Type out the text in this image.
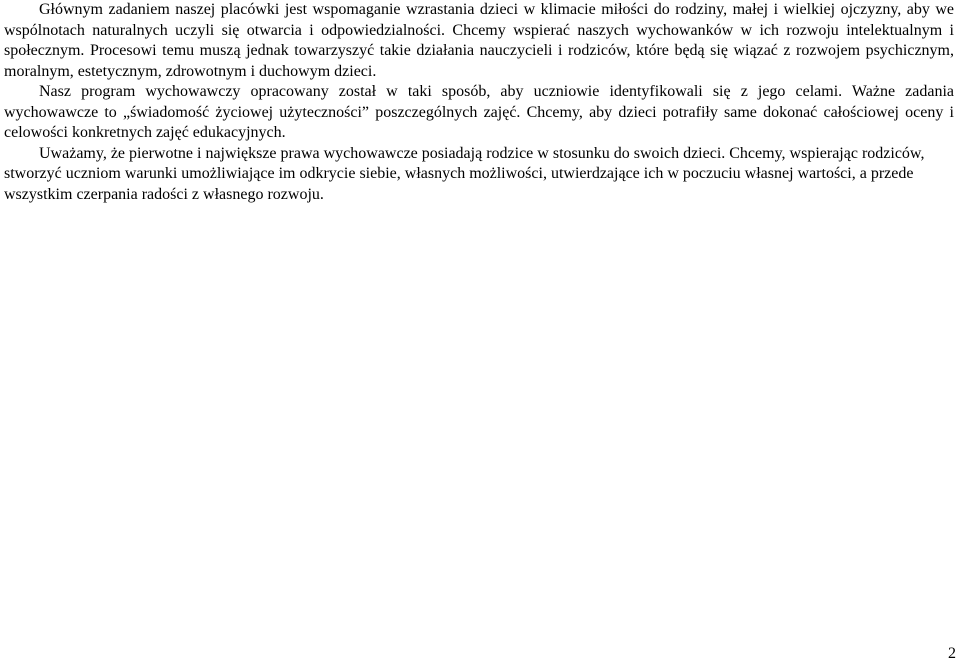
Głównym zadaniem naszej placówki jest wspomaganie wzrastania dzieci w klimacie miłości do rodziny, małej i wielkiej ojczyzny, aby we wspólnotach naturalnych uczyli się otwarcia i odpowiedzialności. Chcemy wspierać naszych wychowanków w ich rozwoju intelektualnym i społecznym. Procesowi temu muszą jednak towarzyszyć takie działania nauczycieli i rodziców, które będą się wiązać z rozwojem psychicznym, moralnym, estetycznym, zdrowotnym i duchowym dzieci.

Nasz program wychowawczy opracowany został w taki sposób, aby uczniowie identyfikowali się z jego celami. Ważne zadania wychowawcze to „świadomość życiowej użyteczności” poszczególnych zajęć. Chcemy, aby dzieci potrafiły same dokonać całościowej oceny i celowości konkretnych zajęć edukacyjnych.

Uważamy, że pierwotne i największe prawa wychowawcze posiadają rodzice w stosunku do swoich dzieci. Chcemy, wspierając rodziców, stworzyć uczniom warunki umożliwiające im odkrycie siebie, własnych możliwości, utwierdzające ich w poczuciu własnej wartości, a przede wszystkim czerpania radości z własnego rozwoju.

2
